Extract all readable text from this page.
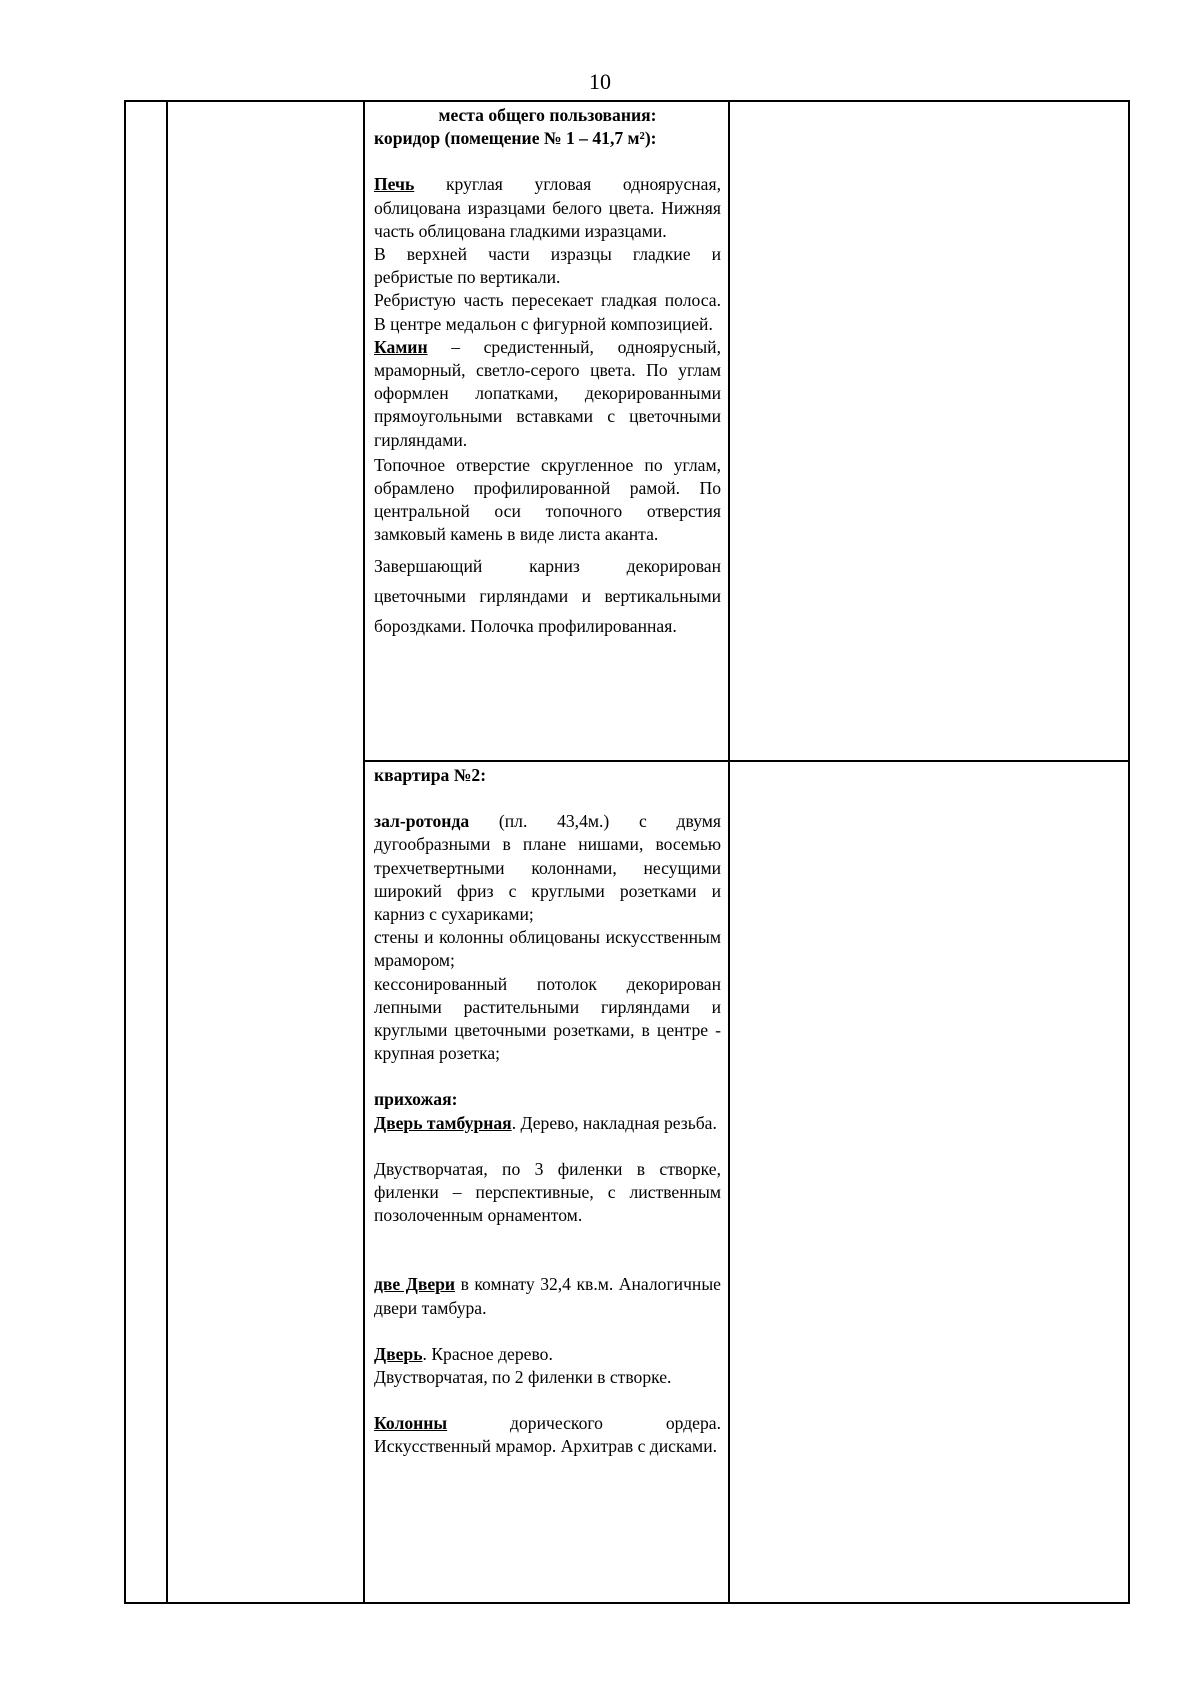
10

места общего пользования:

коридор (помещение № 1 – 41,7 м²):

Печь круглая угловая одноярусная, облицована изразцами белого цвета. Нижняя часть облицована гладкими изразцами.

В верхней части изразцы гладкие и ребристые по вертикали.

Ребристую часть пересекает гладкая полоса. В центре медальон с фигурной композицией.

Камин – средистенный, одноярусный, мраморный, светло-серого цвета. По углам оформлен лопатками, декорированными прямоугольными вставками с цветочными гирляндами.

Топочное отверстие скругленное по углам, обрамлено профилированной рамой. По центральной оси топочного отверстия замковый камень в виде листа аканта.

Завершающий карниз декорирован цветочными гирляндами и вертикальными бороздками. Полочка профилированная.

квартира №2:

зал-ротонда (пл. 43,4м.) с двумя дугообразными в плане нишами, восемью трехчетвертными колоннами, несущими широкий фриз с круглыми розетками и карниз с сухариками;

стены и колонны облицованы искусственным мрамором;

кессонированный потолок декорирован лепными растительными гирляндами и круглыми цветочными розетками, в центре - крупная розетка;

прихожая:

Дверь тамбурная. Дерево, накладная резьба.

Двустворчатая, по 3 филенки в створке, филенки – перспективные, с лиственным позолоченным орнаментом.

две Двери в комнату 32,4 кв.м. Аналогичные двери тамбура.

Дверь. Красное дерево.

Двустворчатая, по 2 филенки в створке.

Колонны дорического ордера. Искусственный мрамор. Архитрав с дисками.
